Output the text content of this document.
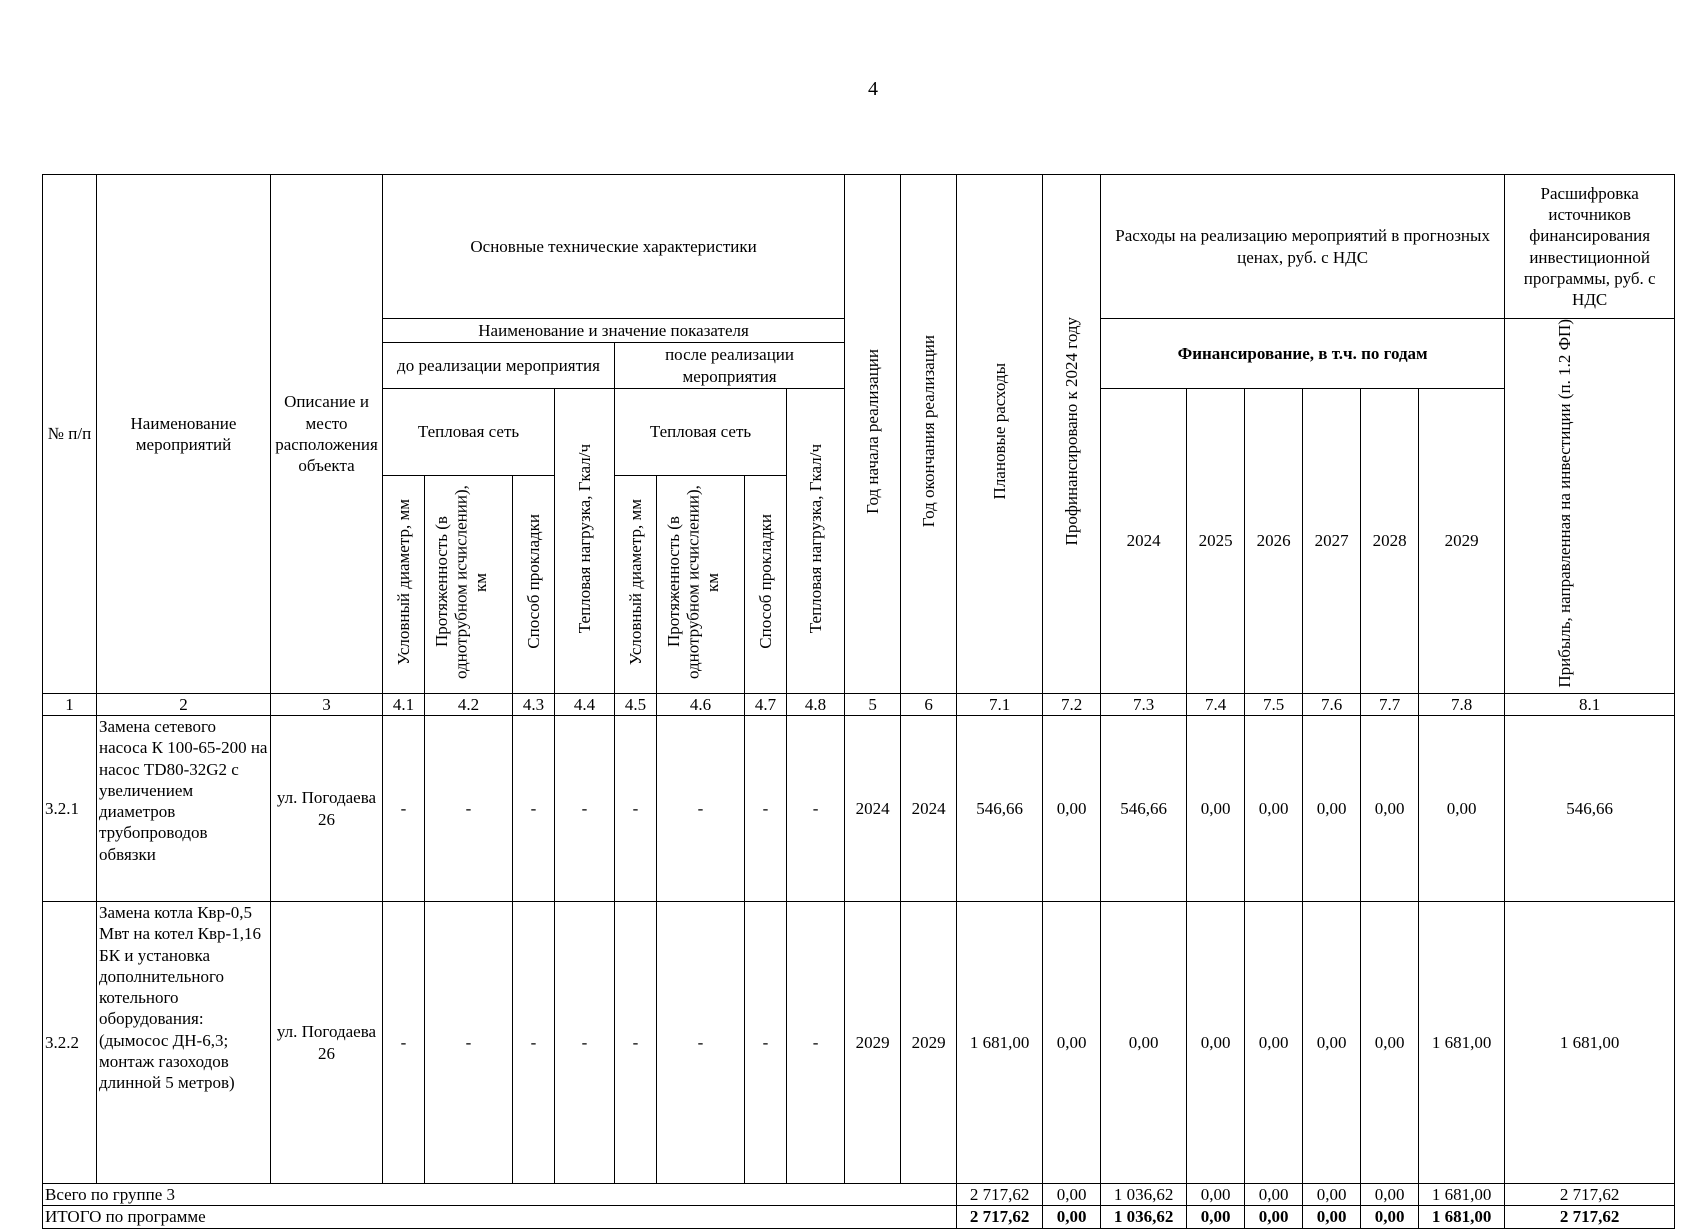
4
№ п/п	Наименование мероприятий	Описание и место расположения объекта	Основные технические характеристики								Год начала реализации	Год окончания реализации	Плановые расходы	Профинансировано к 2024 году	Расходы на реализацию мероприятий в прогнозных ценах, руб. с НДС						Расшифровка источников финансирования инвестиционной программы, руб. с НДС
			Наименование и значение показателя												Финансирование, в т.ч. по годам						Прибыль, направленная на инвестиции (п. 1.2 ФП)
			до реализации мероприятия				после реализации мероприятия														
			Тепловая сеть			Тепловая нагрузка, Гкал/ч	Тепловая сеть			Тепловая нагрузка, Гкал/ч					2024	2025	2026	2027	2028	2029	
			Условный диаметр, мм	Протяженность (в однотрубном исчислении), км	Способ прокладки		Условный диаметр, мм	Протяженность (в однотрубном исчислении), км	Способ прокладки												
1	2	3	4.1	4.2	4.3	4.4	4.5	4.6	4.7	4.8	5	6	7.1	7.2	7.3	7.4	7.5	7.6	7.7	7.8	8.1
3.2.1	Замена сетевого насоса К 100-65-200 на насос TD80-32G2 с увеличением диаметров трубопроводов обвязки	ул. Погодаева 26	-	-	-	-	-	-	-	-	2024	2024	546,66	0,00	546,66	0,00	0,00	0,00	0,00	0,00	546,66
3.2.2	Замена котла Квр-0,5 Мвт на котел Квр-1,16 БК и установка дополнительного котельного оборудования: (дымосос ДН-6,3; монтаж газоходов длинной 5 метров)	ул. Погодаева 26	-	-	-	-	-	-	-	-	2029	2029	1 681,00	0,00	0,00	0,00	0,00	0,00	0,00	1 681,00	1 681,00
Всего по группе 3													2 717,62	0,00	1 036,62	0,00	0,00	0,00	0,00	1 681,00	2 717,62
ИТОГО по программе													2 717,62	0,00	1 036,62	0,00	0,00	0,00	0,00	1 681,00	2 717,62
